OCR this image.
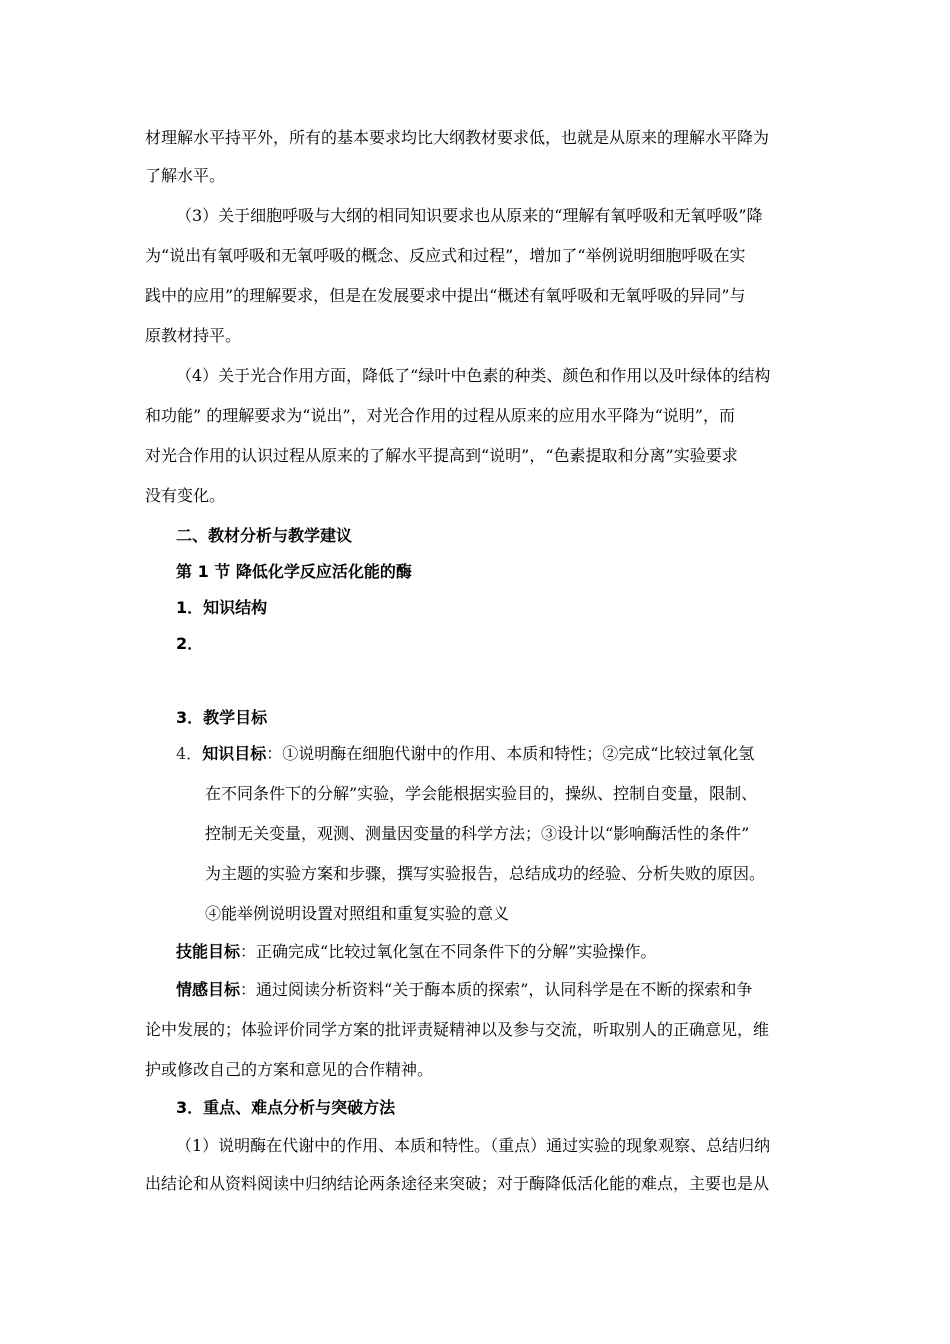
材理解水平持平外，所有的基本要求均比大纲教材要求低，也就是从原来的理解水平降为
了解水平。
（3）关于细胞呼吸与大纲的相同知识要求也从原来的“理解有氧呼吸和无氧呼吸”降
为“说出有氧呼吸和无氧呼吸的概念、反应式和过程”，增加了“举例说明细胞呼吸在实
践中的应用”的理解要求，但是在发展要求中提出“概述有氧呼吸和无氧呼吸的异同”与
原教材持平。
（4）关于光合作用方面，降低了“绿叶中色素的种类、颜色和作用以及叶绿体的结构
和功能” 的理解要求为“说出”，对光合作用的过程从原来的应用水平降为“说明”，而
对光合作用的认识过程从原来的了解水平提高到“说明”，“色素提取和分离”实验要求
没有变化。
二、教材分析与教学建议
第 1 节 降低化学反应活化能的酶
1．知识结构
2．
3．教学目标
4．知识目标：①说明酶在细胞代谢中的作用、本质和特性；②完成“比较过氧化氢
在不同条件下的分解”实验，学会能根据实验目的，操纵、控制自变量，限制、
控制无关变量，观测、测量因变量的科学方法；③设计以“影响酶活性的条件”
为主题的实验方案和步骤，撰写实验报告，总结成功的经验、分析失败的原因。
④能举例说明设置对照组和重复实验的意义
技能目标：正确完成“比较过氧化氢在不同条件下的分解”实验操作。
情感目标：通过阅读分析资料“关于酶本质的探索”，认同科学是在不断的探索和争
论中发展的；体验评价同学方案的批评责疑精神以及参与交流，听取别人的正确意见，维
护或修改自己的方案和意见的合作精神。
3．重点、难点分析与突破方法
（1）说明酶在代谢中的作用、本质和特性。（重点）通过实验的现象观察、总结归纳
出结论和从资料阅读中归纳结论两条途径来突破；对于酶降低活化能的难点，主要也是从
